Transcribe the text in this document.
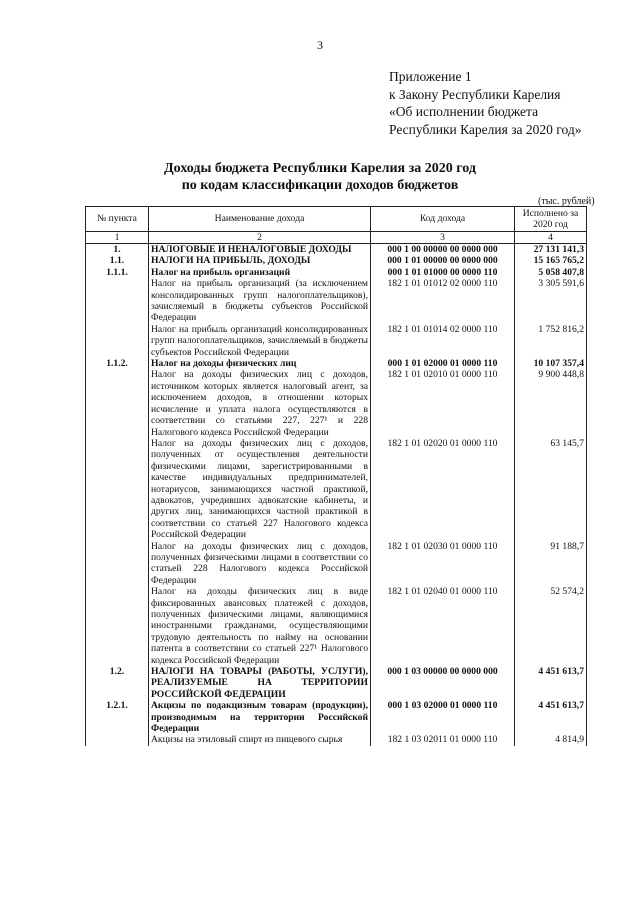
3
Приложение 1
к Закону Республики Карелия
«Об исполнении бюджета
Республики Карелия за 2020 год»
Доходы бюджета Республики Карелия за 2020 год
по кодам классификации доходов бюджетов
(тыс. рублей)
№ пункта	Наименование дохода	Код дохода	Исполнено за 2020 год
1	2	3	4
1.	НАЛОГОВЫЕ И НЕНАЛОГОВЫЕ ДОХОДЫ	000 1 00 00000 00 0000 000	27 131 141,3
1.1.	НАЛОГИ НА ПРИБЫЛЬ, ДОХОДЫ	000 1 01 00000 00 0000 000	15 165 765,2
1.1.1.	Налог на прибыль организаций	000 1 01 01000 00 0000 110	5 058 407,8
	Налог на прибыль организаций (за исключением консолидированных групп налогоплательщиков), зачисляемый в бюджеты субъектов Российской Федерации	182 1 01 01012 02 0000 110	3 305 591,6
	Налог на прибыль организаций консолидированных групп налогоплательщиков, зачисляемый в бюджеты субъектов Российской Федерации	182 1 01 01014 02 0000 110	1 752 816,2
1.1.2.	Налог на доходы физических лиц	000 1 01 02000 01 0000 110	10 107 357,4
	Налог на доходы физических лиц с доходов, источником которых является налоговый агент, за исключением доходов, в отношении которых исчисление и уплата налога осуществляются в соответствии со статьями 227, 227¹ и 228 Налогового кодекса Российской Федерации	182 1 01 02010 01 0000 110	9 900 448,8
	Налог на доходы физических лиц с доходов, полученных от осуществления деятельности физическими лицами, зарегистрированными в качестве индивидуальных предпринимателей, нотариусов, занимающихся частной практикой, адвокатов, учредивших адвокатские кабинеты, и других лиц, занимающихся частной практикой в соответствии со статьей 227 Налогового кодекса Российской Федерации	182 1 01 02020 01 0000 110	63 145,7
	Налог на доходы физических лиц с доходов, полученных физическими лицами в соответствии со статьей 228 Налогового кодекса Российской Федерации	182 1 01 02030 01 0000 110	91 188,7
	Налог на доходы физических лиц в виде фиксированных авансовых платежей с доходов, полученных физическими лицами, являющимися иностранными гражданами, осуществляющими трудовую деятельность по найму на основании патента в соответствии со статьей 227¹ Налогового кодекса Российской Федерации	182 1 01 02040 01 0000 110	52 574,2
1.2.	НАЛОГИ НА ТОВАРЫ (РАБОТЫ, УСЛУГИ), РЕАЛИЗУЕМЫЕ НА ТЕРРИТОРИИ РОССИЙСКОЙ ФЕДЕРАЦИИ	000 1 03 00000 00 0000 000	4 451 613,7
1.2.1.	Акцизы по подакцизным товарам (продукции), производимым на территории Российской Федерации	000 1 03 02000 01 0000 110	4 451 613,7
	Акцизы на этиловый спирт из пищевого сырья	182 1 03 02011 01 0000 110	4 814,9
